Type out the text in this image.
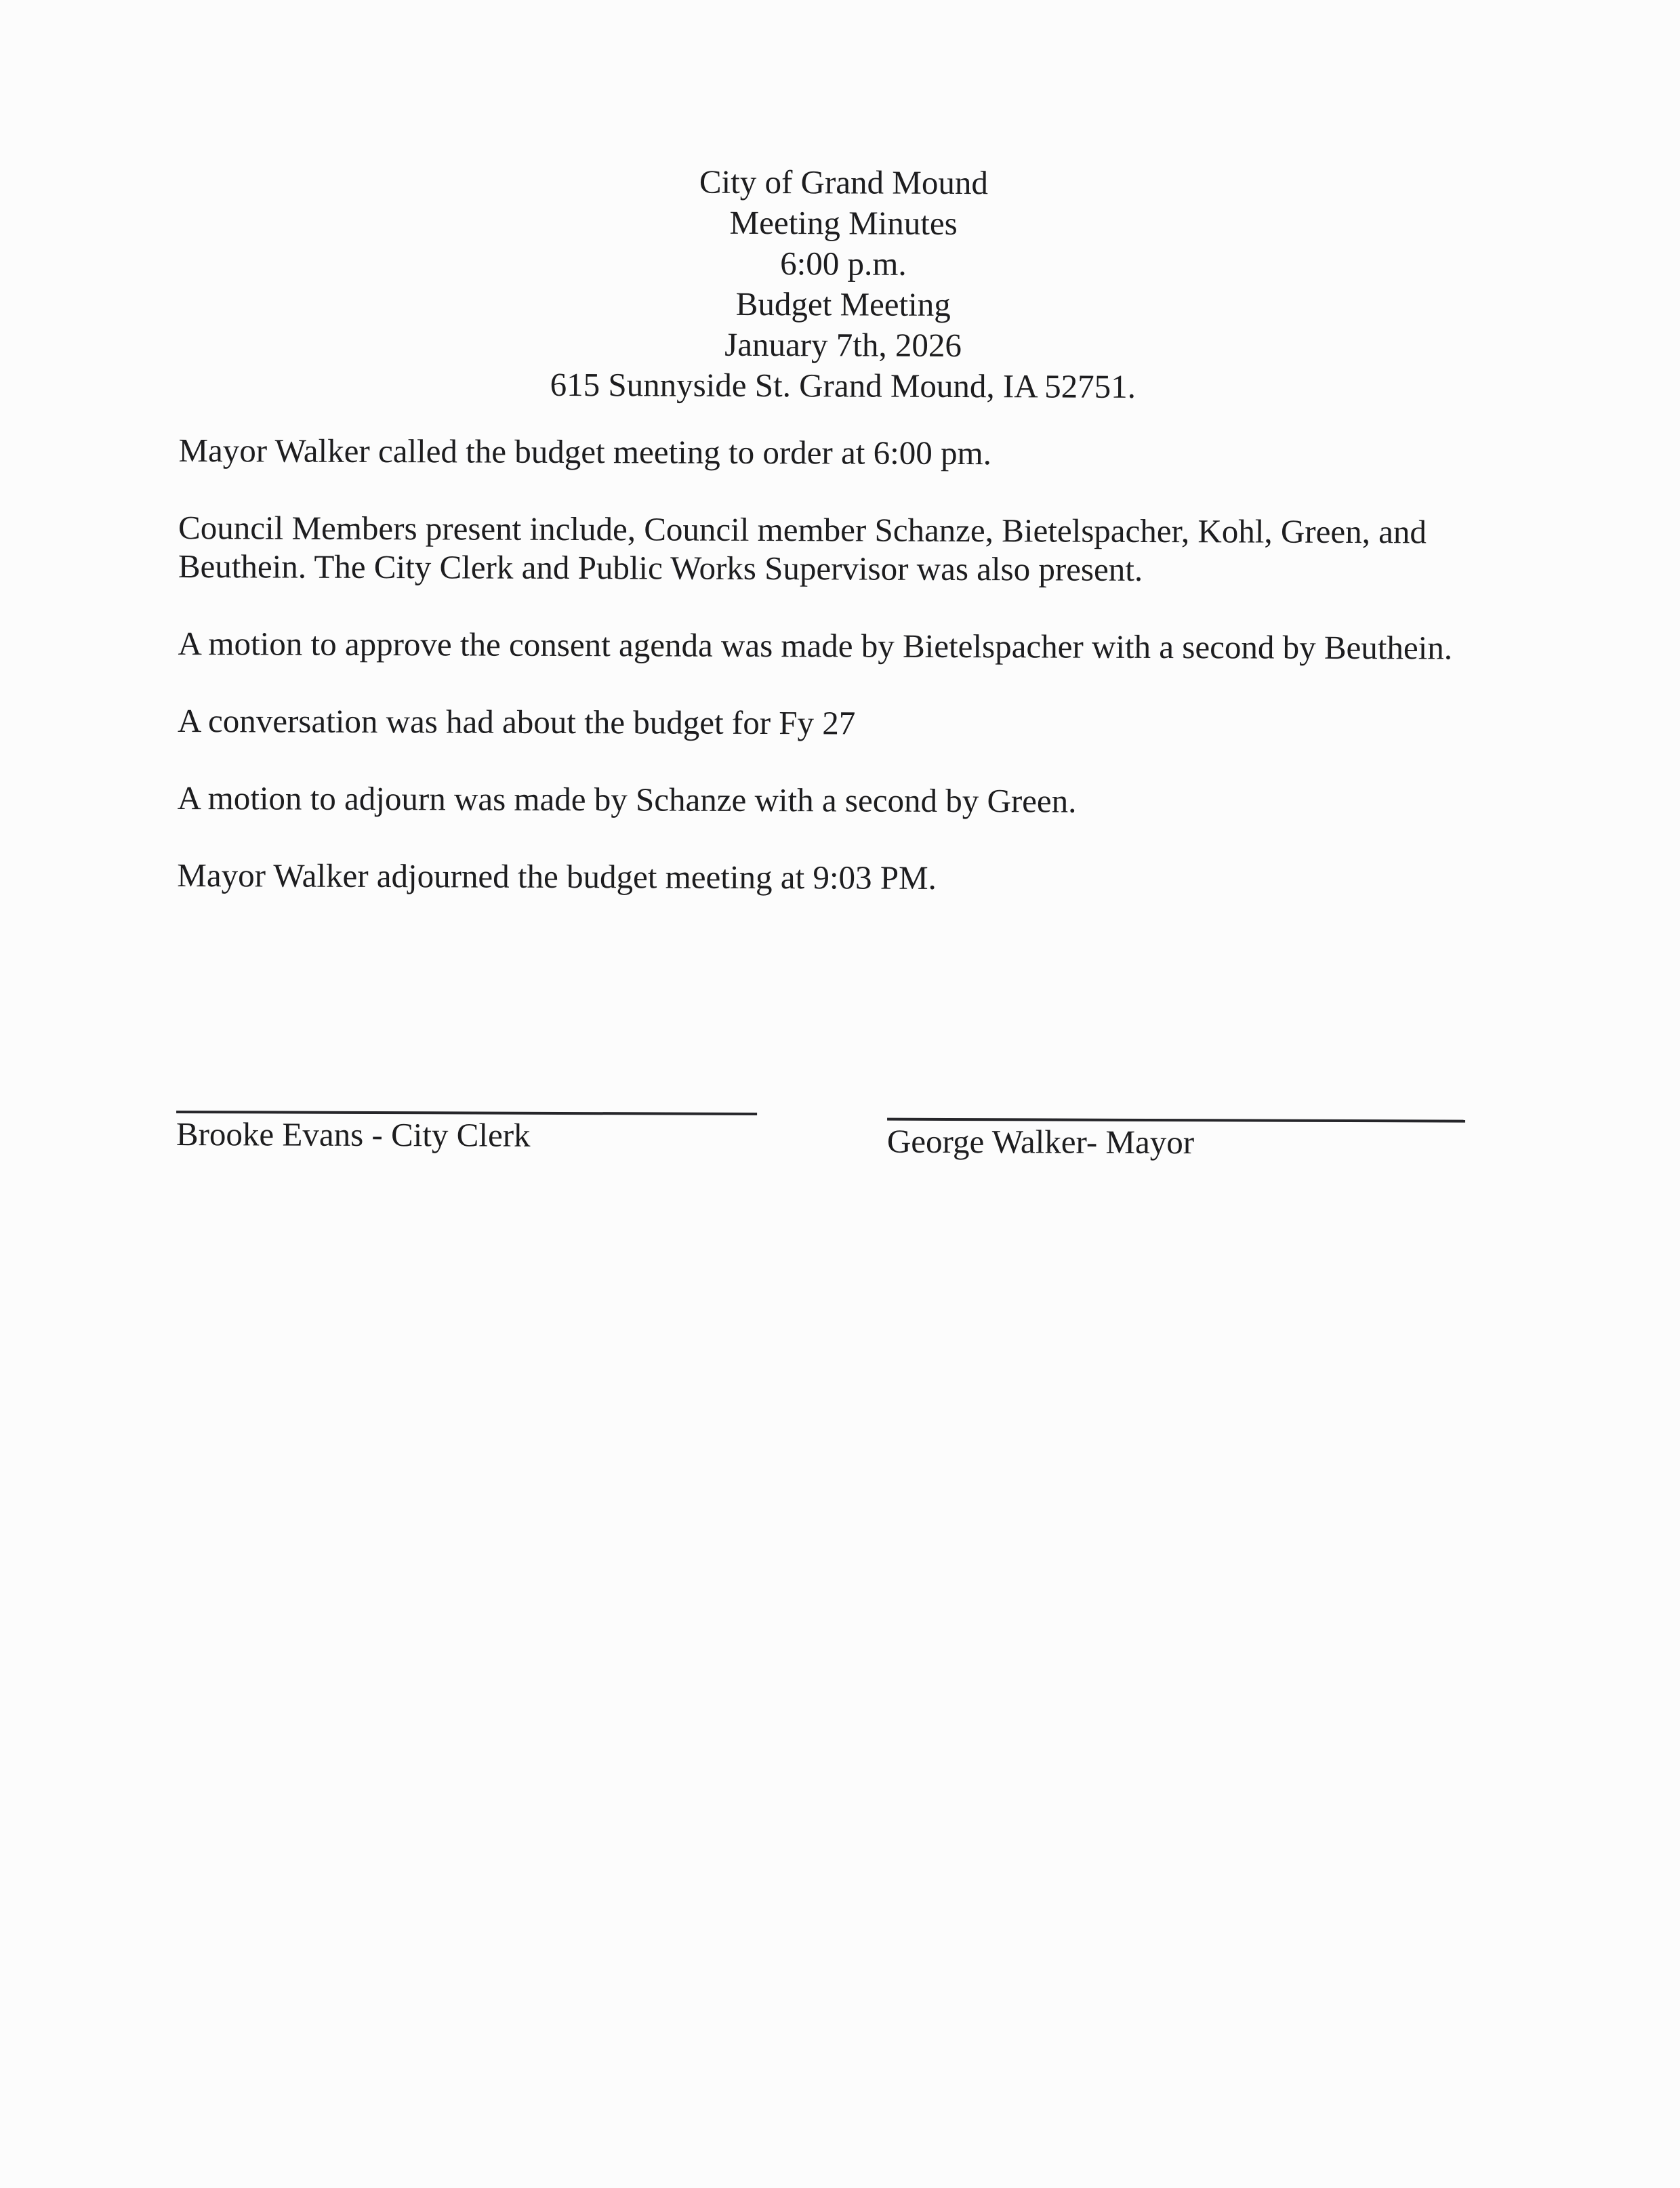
City of Grand Mound
Meeting Minutes
6:00 p.m.
Budget Meeting
January 7th, 2026
615 Sunnyside St. Grand Mound, IA 52751.

Mayor Walker called the budget meeting to order at 6:00 pm.

Council Members present include, Council member Schanze, Bietelspacher, Kohl, Green, and Beuthein. The City Clerk and Public Works Supervisor was also present.

A motion to approve the consent agenda was made by Bietelspacher with a second by Beuthein.

A conversation was had about the budget for Fy 27

A motion to adjourn was made by Schanze with a second by Green.

Mayor Walker adjourned the budget meeting at 9:03 PM.

Brooke Evans - City Clerk	George Walker- Mayor
